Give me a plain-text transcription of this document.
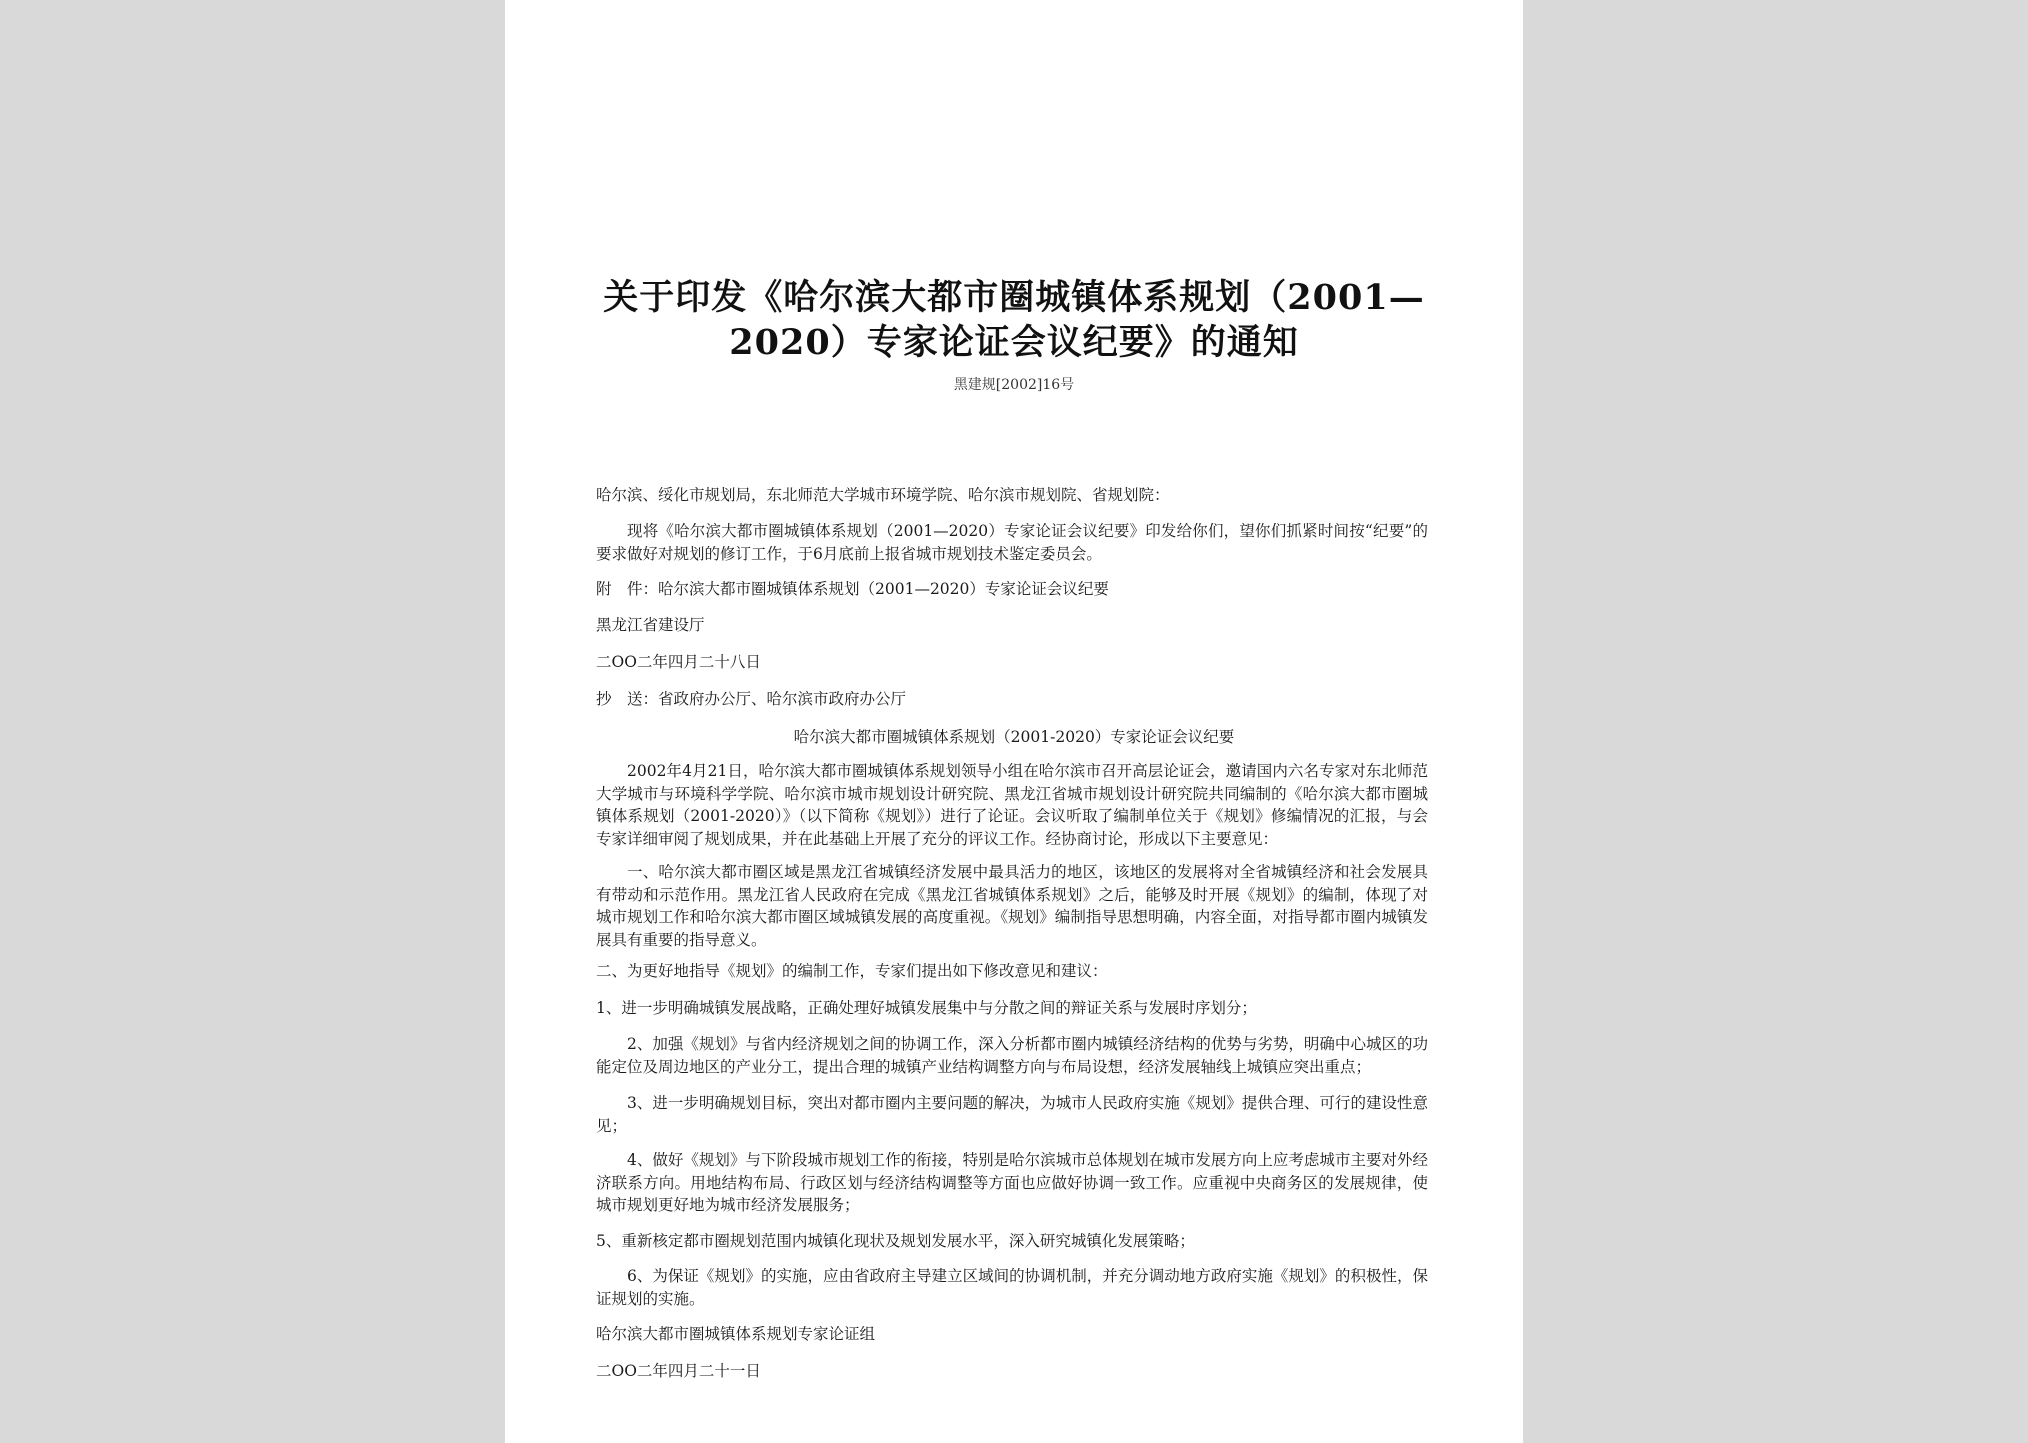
关于印发《哈尔滨大都市圈城镇体系规划（2001—
2020）专家论证会议纪要》的通知
黑建规[2002]16号
哈尔滨、绥化市规划局，东北师范大学城市环境学院、哈尔滨市规划院、省规划院：
现将《哈尔滨大都市圈城镇体系规划（2001—2020）专家论证会议纪要》印发给你们，望你们抓紧时间按“纪要”的要求做好对规划的修订工作，于6月底前上报省城市规划技术鉴定委员会。
附　件：哈尔滨大都市圈城镇体系规划（2001—2020）专家论证会议纪要
黑龙江省建设厅
二OO二年四月二十八日
抄　送：省政府办公厅、哈尔滨市政府办公厅
哈尔滨大都市圈城镇体系规划（2001-2020）专家论证会议纪要
2002年4月21日，哈尔滨大都市圈城镇体系规划领导小组在哈尔滨市召开高层论证会，邀请国内六名专家对东北师范大学城市与环境科学学院、哈尔滨市城市规划设计研究院、黑龙江省城市规划设计研究院共同编制的《哈尔滨大都市圈城镇体系规划（2001-2020）》（以下简称《规划》）进行了论证。会议听取了编制单位关于《规划》修编情况的汇报，与会专家详细审阅了规划成果，并在此基础上开展了充分的评议工作。经协商讨论，形成以下主要意见：
一、哈尔滨大都市圈区域是黑龙江省城镇经济发展中最具活力的地区，该地区的发展将对全省城镇经济和社会发展具有带动和示范作用。黑龙江省人民政府在完成《黑龙江省城镇体系规划》之后，能够及时开展《规划》的编制，体现了对城市规划工作和哈尔滨大都市圈区域城镇发展的高度重视。《规划》编制指导思想明确，内容全面，对指导都市圈内城镇发展具有重要的指导意义。
二、为更好地指导《规划》的编制工作，专家们提出如下修改意见和建议：
1、进一步明确城镇发展战略，正确处理好城镇发展集中与分散之间的辩证关系与发展时序划分；
2、加强《规划》与省内经济规划之间的协调工作，深入分析都市圈内城镇经济结构的优势与劣势，明确中心城区的功能定位及周边地区的产业分工，提出合理的城镇产业结构调整方向与布局设想，经济发展轴线上城镇应突出重点；
3、进一步明确规划目标，突出对都市圈内主要问题的解决，为城市人民政府实施《规划》提供合理、可行的建设性意见；
4、做好《规划》与下阶段城市规划工作的衔接，特别是哈尔滨城市总体规划在城市发展方向上应考虑城市主要对外经济联系方向。用地结构布局、行政区划与经济结构调整等方面也应做好协调一致工作。应重视中央商务区的发展规律，使城市规划更好地为城市经济发展服务；
5、重新核定都市圈规划范围内城镇化现状及规划发展水平，深入研究城镇化发展策略；
6、为保证《规划》的实施，应由省政府主导建立区域间的协调机制，并充分调动地方政府实施《规划》的积极性，保证规划的实施。
哈尔滨大都市圈城镇体系规划专家论证组
二OO二年四月二十一日
